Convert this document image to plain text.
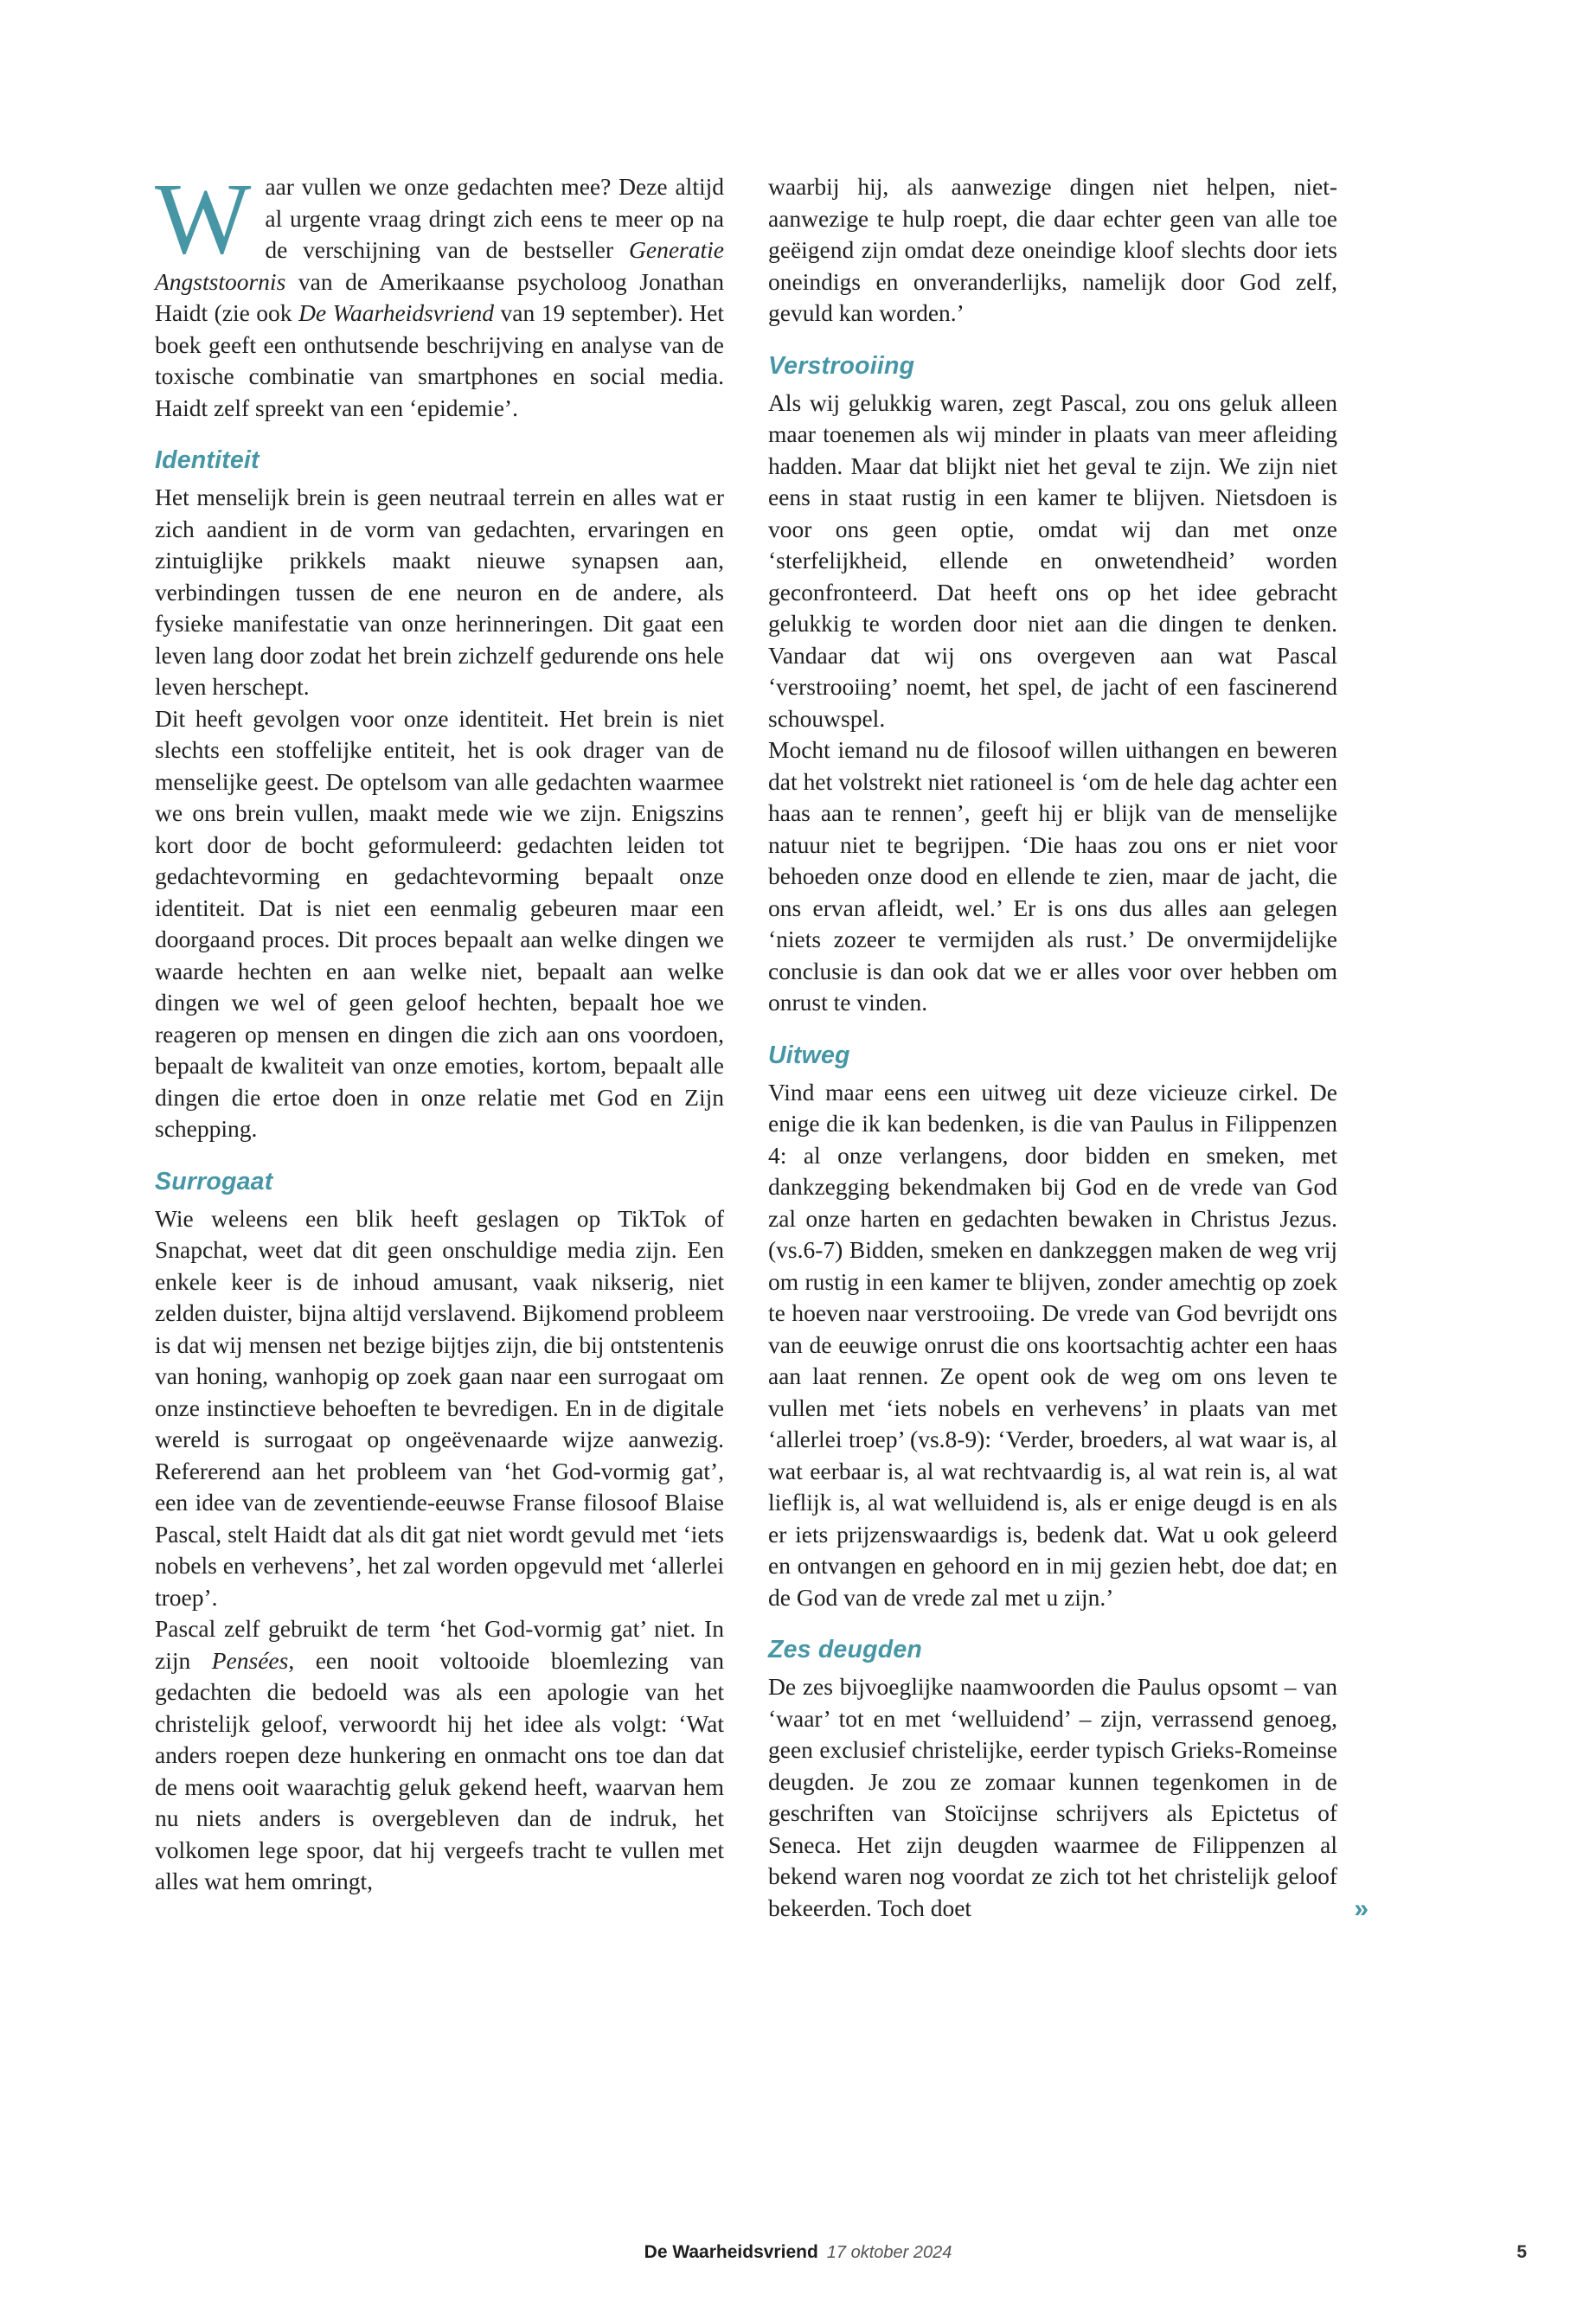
Waar vullen we onze gedachten mee? Deze altijd al urgente vraag dringt zich eens te meer op na de verschijning van de bestseller Generatie Angststoornis van de Amerikaanse psycholoog Jonathan Haidt (zie ook De Waarheidsvriend van 19 september). Het boek geeft een onthutsende beschrijving en analyse van de toxische combinatie van smartphones en social media. Haidt zelf spreekt van een ‘epidemie’.

Identiteit

Het menselijk brein is geen neutraal terrein en alles wat er zich aandient in de vorm van gedachten, ervaringen en zintuiglijke prikkels maakt nieuwe synapsen aan, verbindingen tussen de ene neuron en de andere, als fysieke manifestatie van onze herinneringen. Dit gaat een leven lang door zodat het brein zichzelf gedurende ons hele leven herschept.

Dit heeft gevolgen voor onze identiteit. Het brein is niet slechts een stoffelijke entiteit, het is ook drager van de menselijke geest. De optelsom van alle gedachten waarmee we ons brein vullen, maakt mede wie we zijn. Enigszins kort door de bocht geformuleerd: gedachten leiden tot gedachtevorming en gedachtevorming bepaalt onze identiteit. Dat is niet een eenmalig gebeuren maar een doorgaand proces. Dit proces bepaalt aan welke dingen we waarde hechten en aan welke niet, bepaalt aan welke dingen we wel of geen geloof hechten, bepaalt hoe we reageren op mensen en dingen die zich aan ons voordoen, bepaalt de kwaliteit van onze emoties, kortom, bepaalt alle dingen die ertoe doen in onze relatie met God en Zijn schepping.

Surrogaat

Wie weleens een blik heeft geslagen op TikTok of Snapchat, weet dat dit geen onschuldige media zijn. Een enkele keer is de inhoud amusant, vaak nikserig, niet zelden duister, bijna altijd verslavend. Bijkomend probleem is dat wij mensen net bezige bijtjes zijn, die bij ontstentenis van honing, wanhopig op zoek gaan naar een surrogaat om onze instinctieve behoeften te bevredigen. En in de digitale wereld is surrogaat op ongeëvenaarde wijze aanwezig. Refererend aan het probleem van ‘het God-vormig gat’, een idee van de zeventiende-eeuwse Franse filosoof Blaise Pascal, stelt Haidt dat als dit gat niet wordt gevuld met ‘iets nobels en verhevens’, het zal worden opgevuld met ‘allerlei troep’.

Pascal zelf gebruikt de term ‘het God-vormig gat’ niet. In zijn Pensées, een nooit voltooide bloemlezing van gedachten die bedoeld was als een apologie van het christelijk geloof, verwoordt hij het idee als volgt: ‘Wat anders roepen deze hunkering en onmacht ons toe dan dat de mens ooit waarachtig geluk gekend heeft, waarvan hem nu niets anders is overgebleven dan de indruk, het volkomen lege spoor, dat hij vergeefs tracht te vullen met alles wat hem omringt,

waarbij hij, als aanwezige dingen niet helpen, niet-aanwezige te hulp roept, die daar echter geen van alle toe geëigend zijn omdat deze oneindige kloof slechts door iets oneindigs en onveranderlijks, namelijk door God zelf, gevuld kan worden.’

Verstrooiing

Als wij gelukkig waren, zegt Pascal, zou ons geluk alleen maar toenemen als wij minder in plaats van meer afleiding hadden. Maar dat blijkt niet het geval te zijn. We zijn niet eens in staat rustig in een kamer te blijven. Nietsdoen is voor ons geen optie, omdat wij dan met onze ‘sterfelijkheid, ellende en onwetendheid’ worden geconfronteerd. Dat heeft ons op het idee gebracht gelukkig te worden door niet aan die dingen te denken. Vandaar dat wij ons overgeven aan wat Pascal ‘verstrooiing’ noemt, het spel, de jacht of een fascinerend schouwspel.

Mocht iemand nu de filosoof willen uithangen en beweren dat het volstrekt niet rationeel is ‘om de hele dag achter een haas aan te rennen’, geeft hij er blijk van de menselijke natuur niet te begrijpen. ‘Die haas zou ons er niet voor behoeden onze dood en ellende te zien, maar de jacht, die ons ervan afleidt, wel.’ Er is ons dus alles aan gelegen ‘niets zozeer te vermijden als rust.’ De onvermijdelijke conclusie is dan ook dat we er alles voor over hebben om onrust te vinden.

Uitweg

Vind maar eens een uitweg uit deze vicieuze cirkel. De enige die ik kan bedenken, is die van Paulus in Filippenzen 4: al onze verlangens, door bidden en smeken, met dankzegging bekendmaken bij God en de vrede van God zal onze harten en gedachten bewaken in Christus Jezus. (vs.6-7) Bidden, smeken en dankzeggen maken de weg vrij om rustig in een kamer te blijven, zonder amechtig op zoek te hoeven naar verstrooiing. De vrede van God bevrijdt ons van de eeuwige onrust die ons koortsachtig achter een haas aan laat rennen. Ze opent ook de weg om ons leven te vullen met ‘iets nobels en verhevens’ in plaats van met ‘allerlei troep’ (vs.8-9): ‘Verder, broeders, al wat waar is, al wat eerbaar is, al wat rechtvaardig is, al wat rein is, al wat lieflijk is, al wat welluidend is, als er enige deugd is en als er iets prijzenswaardigs is, bedenk dat. Wat u ook geleerd en ontvangen en gehoord en in mij gezien hebt, doe dat; en de God van de vrede zal met u zijn.’

Zes deugden

De zes bijvoeglijke naamwoorden die Paulus opsomt – van ‘waar’ tot en met ‘welluidend’ – zijn, verrassend genoeg, geen exclusief christelijke, eerder typisch Grieks-Romeinse deugden. Je zou ze zomaar kunnen tegenkomen in de geschriften van Stoïcijnse schrijvers als Epictetus of Seneca. Het zijn deugden waarmee de Filippenzen al bekend waren nog voordat ze zich tot het christelijk geloof bekeerden. Toch doet	»

De Waarheidsvriend 17 oktober 2024	5
